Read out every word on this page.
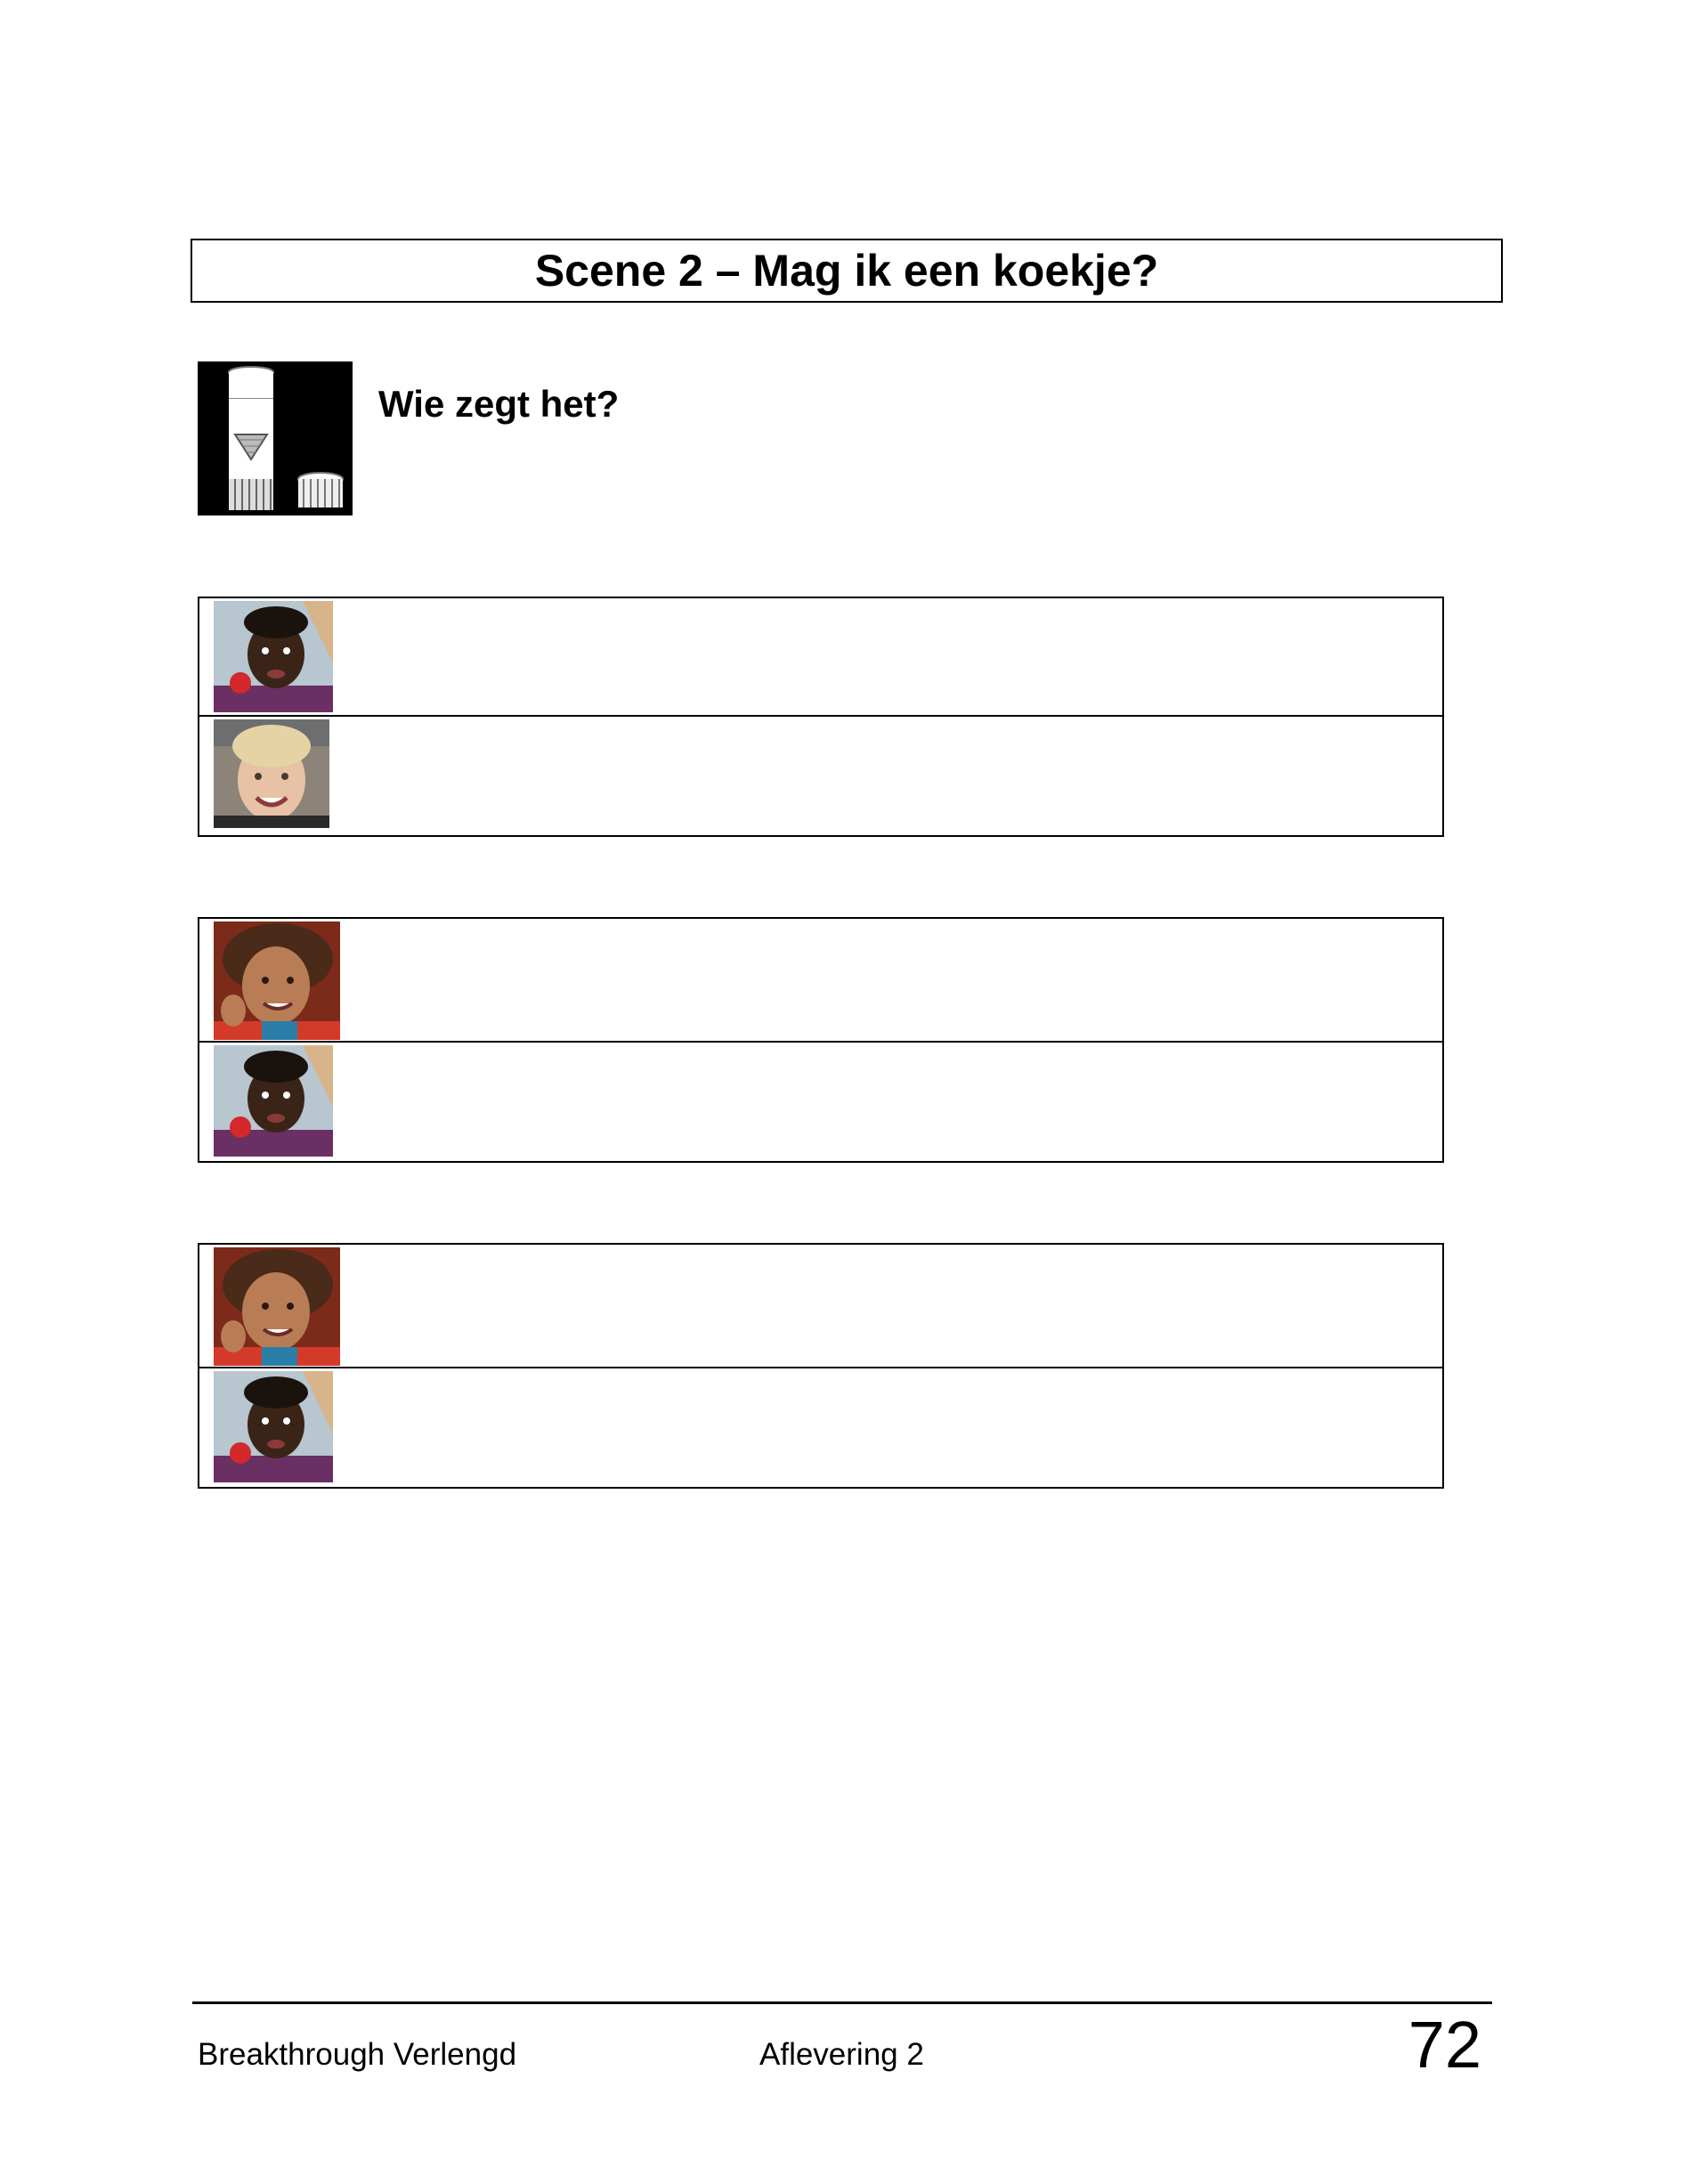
Scene 2 – Mag ik een koekje?
Wie zegt het?
Breakthrough Verlengd	Aflevering 2	72
